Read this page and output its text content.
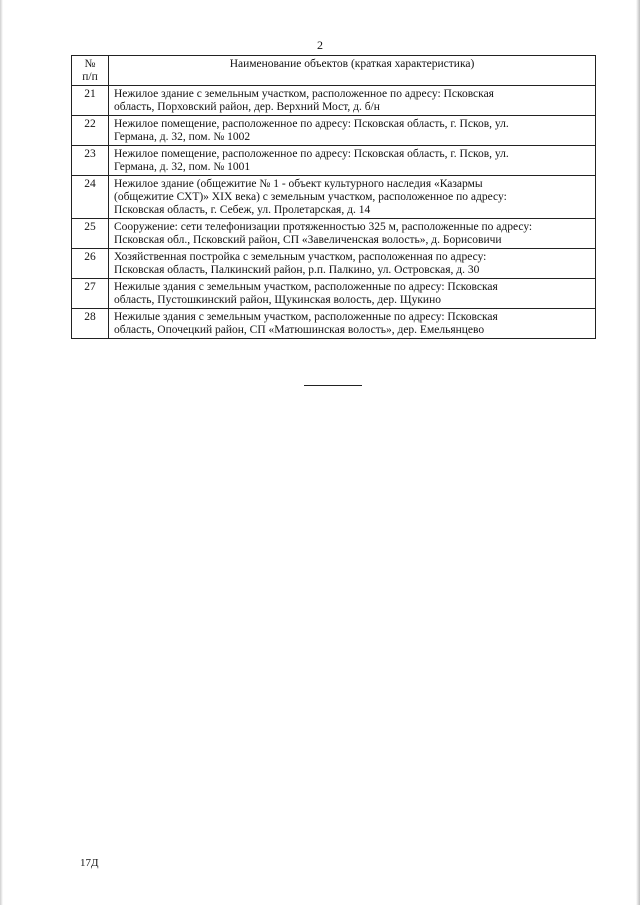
2
№
п/п	Наименование объектов (краткая характеристика)
21	Нежилое здание с земельным участком, расположенное по адресу: Псковская
область, Порховский район, дер. Верхний Мост, д. б/н
22	Нежилое помещение, расположенное по адресу: Псковская область, г. Псков, ул.
Германа, д. 32, пом. № 1002
23	Нежилое помещение, расположенное по адресу: Псковская область, г. Псков, ул.
Германа, д. 32, пом. № 1001
24	Нежилое здание (общежитие № 1 - объект культурного наследия «Казармы
(общежитие СХТ)» XIX века) с земельным участком, расположенное по адресу:
Псковская область, г. Себеж, ул. Пролетарская, д. 14
25	Сооружение: сети телефонизации протяженностью 325 м, расположенные по адресу:
Псковская обл., Псковский район, СП «Завеличенская волость», д. Борисовичи
26	Хозяйственная постройка с земельным участком, расположенная по адресу:
Псковская область, Палкинский район, р.п. Палкино, ул. Островская, д. 30
27	Нежилые здания с земельным участком, расположенные по адресу: Псковская
область, Пустошкинский район, Щукинская волость, дер. Щукино
28	Нежилые здания с земельным участком, расположенные по адресу: Псковская
область, Опочецкий район, СП «Матюшинская волость», дер. Емельянцево
17Д
